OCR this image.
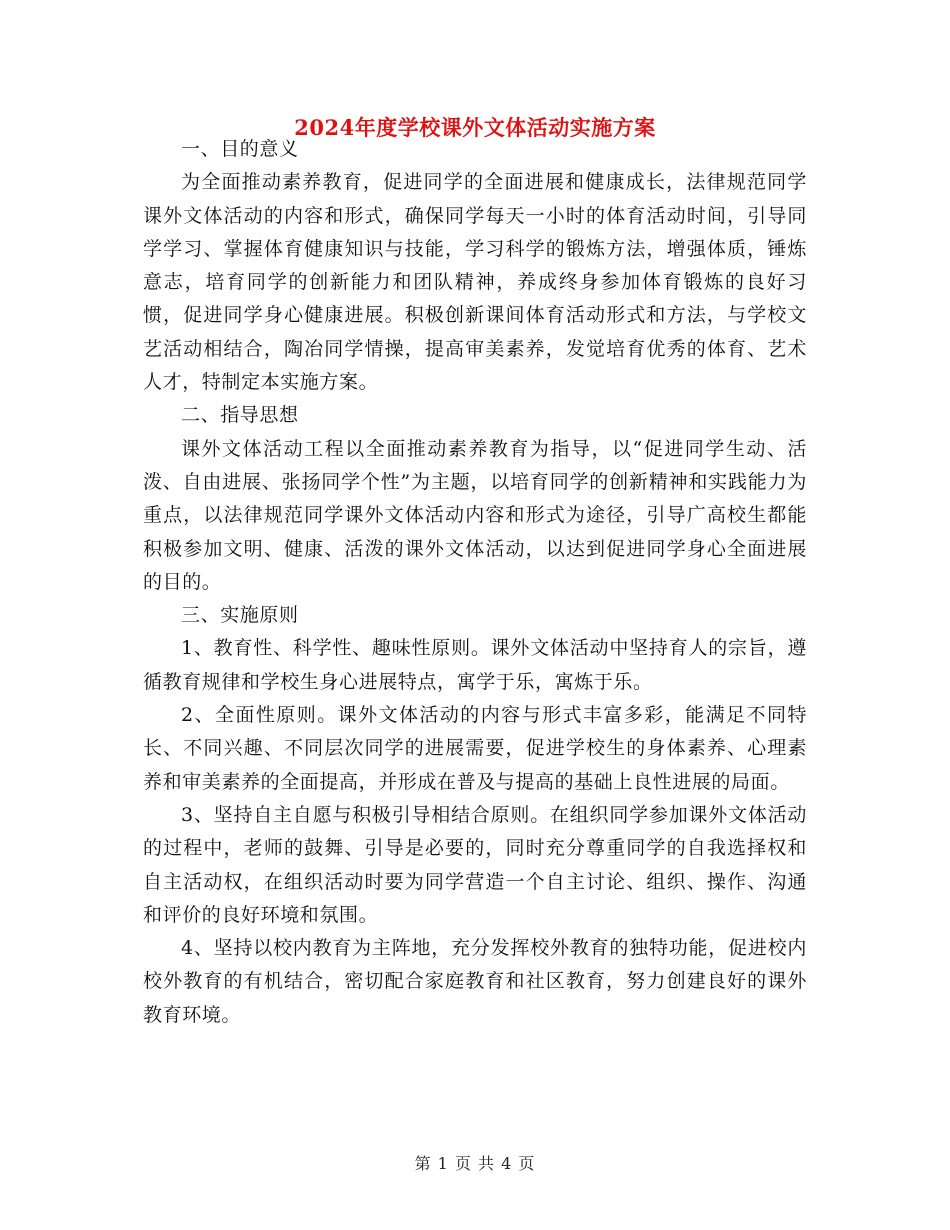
2024年度学校课外文体活动实施方案

一、目的意义

为全面推动素养教育，促进同学的全面进展和健康成长，法律规范同学课外文体活动的内容和形式，确保同学每天一小时的体育活动时间，引导同学学习、掌握体育健康知识与技能，学习科学的锻炼方法，增强体质，锤炼意志，培育同学的创新能力和团队精神，养成终身参加体育锻炼的良好习惯，促进同学身心健康进展。积极创新课间体育活动形式和方法，与学校文艺活动相结合，陶冶同学情操，提高审美素养，发觉培育优秀的体育、艺术人才，特制定本实施方案。

二、指导思想

课外文体活动工程以全面推动素养教育为指导，以“促进同学生动、活泼、自由进展、张扬同学个性”为主题，以培育同学的创新精神和实践能力为重点，以法律规范同学课外文体活动内容和形式为途径，引导广高校生都能积极参加文明、健康、活泼的课外文体活动，以达到促进同学身心全面进展的目的。

三、实施原则

1、教育性、科学性、趣味性原则。课外文体活动中坚持育人的宗旨，遵循教育规律和学校生身心进展特点，寓学于乐，寓炼于乐。

2、全面性原则。课外文体活动的内容与形式丰富多彩，能满足不同特长、不同兴趣、不同层次同学的进展需要，促进学校生的身体素养、心理素养和审美素养的全面提高，并形成在普及与提高的基础上良性进展的局面。

3、坚持自主自愿与积极引导相结合原则。在组织同学参加课外文体活动的过程中，老师的鼓舞、引导是必要的，同时充分尊重同学的自我选择权和自主活动权，在组织活动时要为同学营造一个自主讨论、组织、操作、沟通和评价的良好环境和氛围。

4、坚持以校内教育为主阵地，充分发挥校外教育的独特功能，促进校内校外教育的有机结合，密切配合家庭教育和社区教育，努力创建良好的课外教育环境。

第 1 页 共 4 页
